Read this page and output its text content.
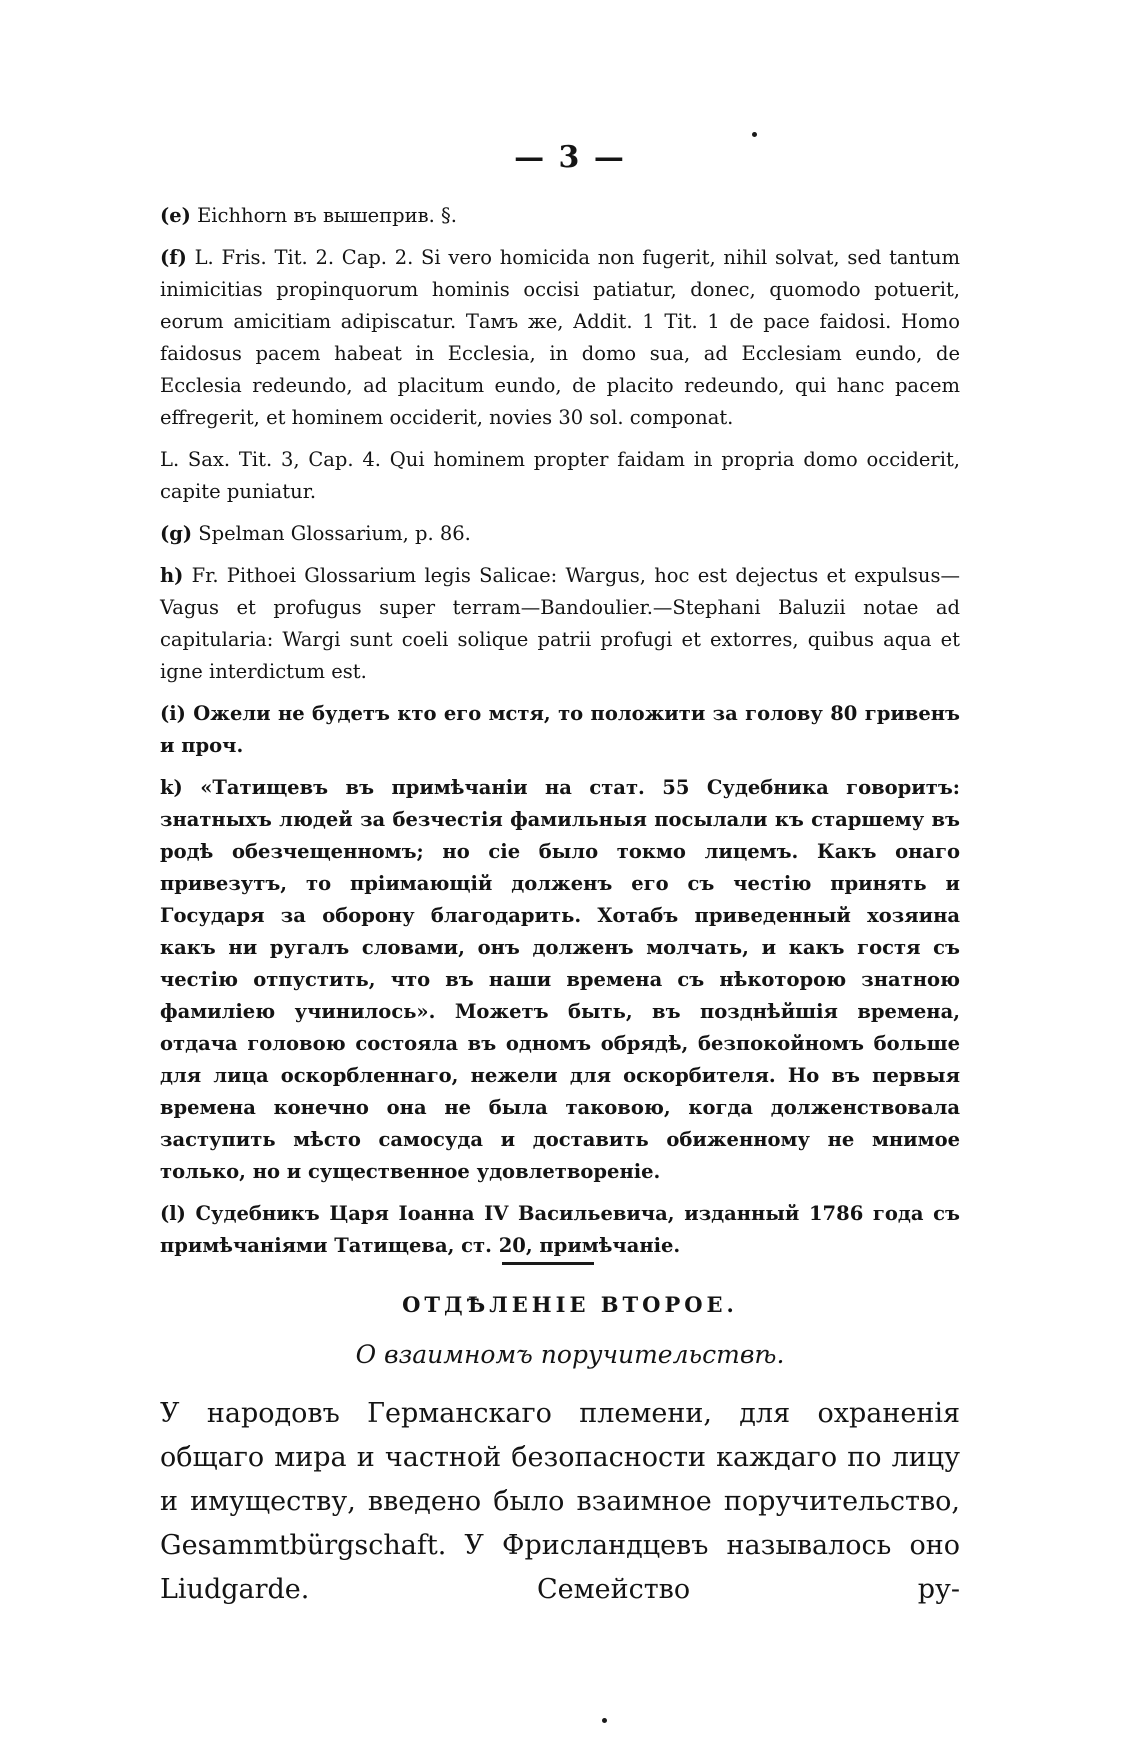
— 3 —

(e) Eichhorn въ вышеприв. §.

(f) L. Fris. Tit. 2. Cap. 2. Si vero homicida non fugerit, nihil solvat, sed tantum inimicitias propinquorum hominis occisi patiatur, donec, quomodo potuerit, eorum amicitiam adipiscatur. Тамъ же, Addit. 1 Tit. 1 de pace faidosi. Homo faidosus pacem habeat in Ecclesia, in domo sua, ad Ecclesiam eundo, de Ecclesia redeundo, ad placitum eundo, de placito redeundo, qui hanc pacem effregerit, et hominem occiderit, novies 30 sol. componat.

L. Sax. Tit. 3, Cap. 4. Qui hominem propter faidam in propria domo occiderit, capite puniatur.

(g) Spelman Glossarium, p. 86.

h) Fr. Pithoei Glossarium legis Salicae: Wargus, hoc est dejectus et expulsus—Vagus et profugus super terram—Bandoulier.—Stephani Baluzii notae ad capitularia: Wargi sunt coeli solique patrii profugi et extorres, quibus aqua et igne interdictum est.

(i) Ожели не будетъ кто его мстя, то положити за голову 80 гривенъ и проч.

k) «Татищевъ въ примѣчаніи на стат. 55 Судебника говоритъ: знатныхъ людей за безчестія фамильныя посылали къ старшему въ родѣ обезчещенномъ; но сіе было токмо лицемъ. Какъ онаго привезутъ, то пріимающій долженъ его съ честію принять и Государя за оборону благодарить. Хотабъ приведенный хозяина какъ ни ругалъ словами, онъ долженъ молчать, и какъ гостя съ честію отпустить, что въ наши времена съ нѣкоторою знатною фамиліею учинилось». Можетъ быть, въ позднѣйшія времена, отдача головою состояла въ одномъ обрядѣ, безпокойномъ больше для лица оскорбленнаго, нежели для оскорбителя. Но въ первыя времена конечно она не была таковою, когда долженствовала заступить мѣсто самосуда и доставить обиженному не мнимое только, но и существенное удовлетвореніе.

(l) Судебникъ Царя Іоанна IV Васильевича, изданный 1786 года съ примѣчаніями Татищева, ст. 20, примѣчаніе.

ОТДѢЛЕНІЕ ВТОРОЕ.
О взаимномъ поручительствѣ.
У народовъ Германскаго племени, для охраненія общаго мира и частной безопасности каждаго по лицу и имуществу, введено было взаимное поручительство, Gesammtbürgschaft. У Фрисландцевъ называлось оно Liudgarde. Семейство ру-
